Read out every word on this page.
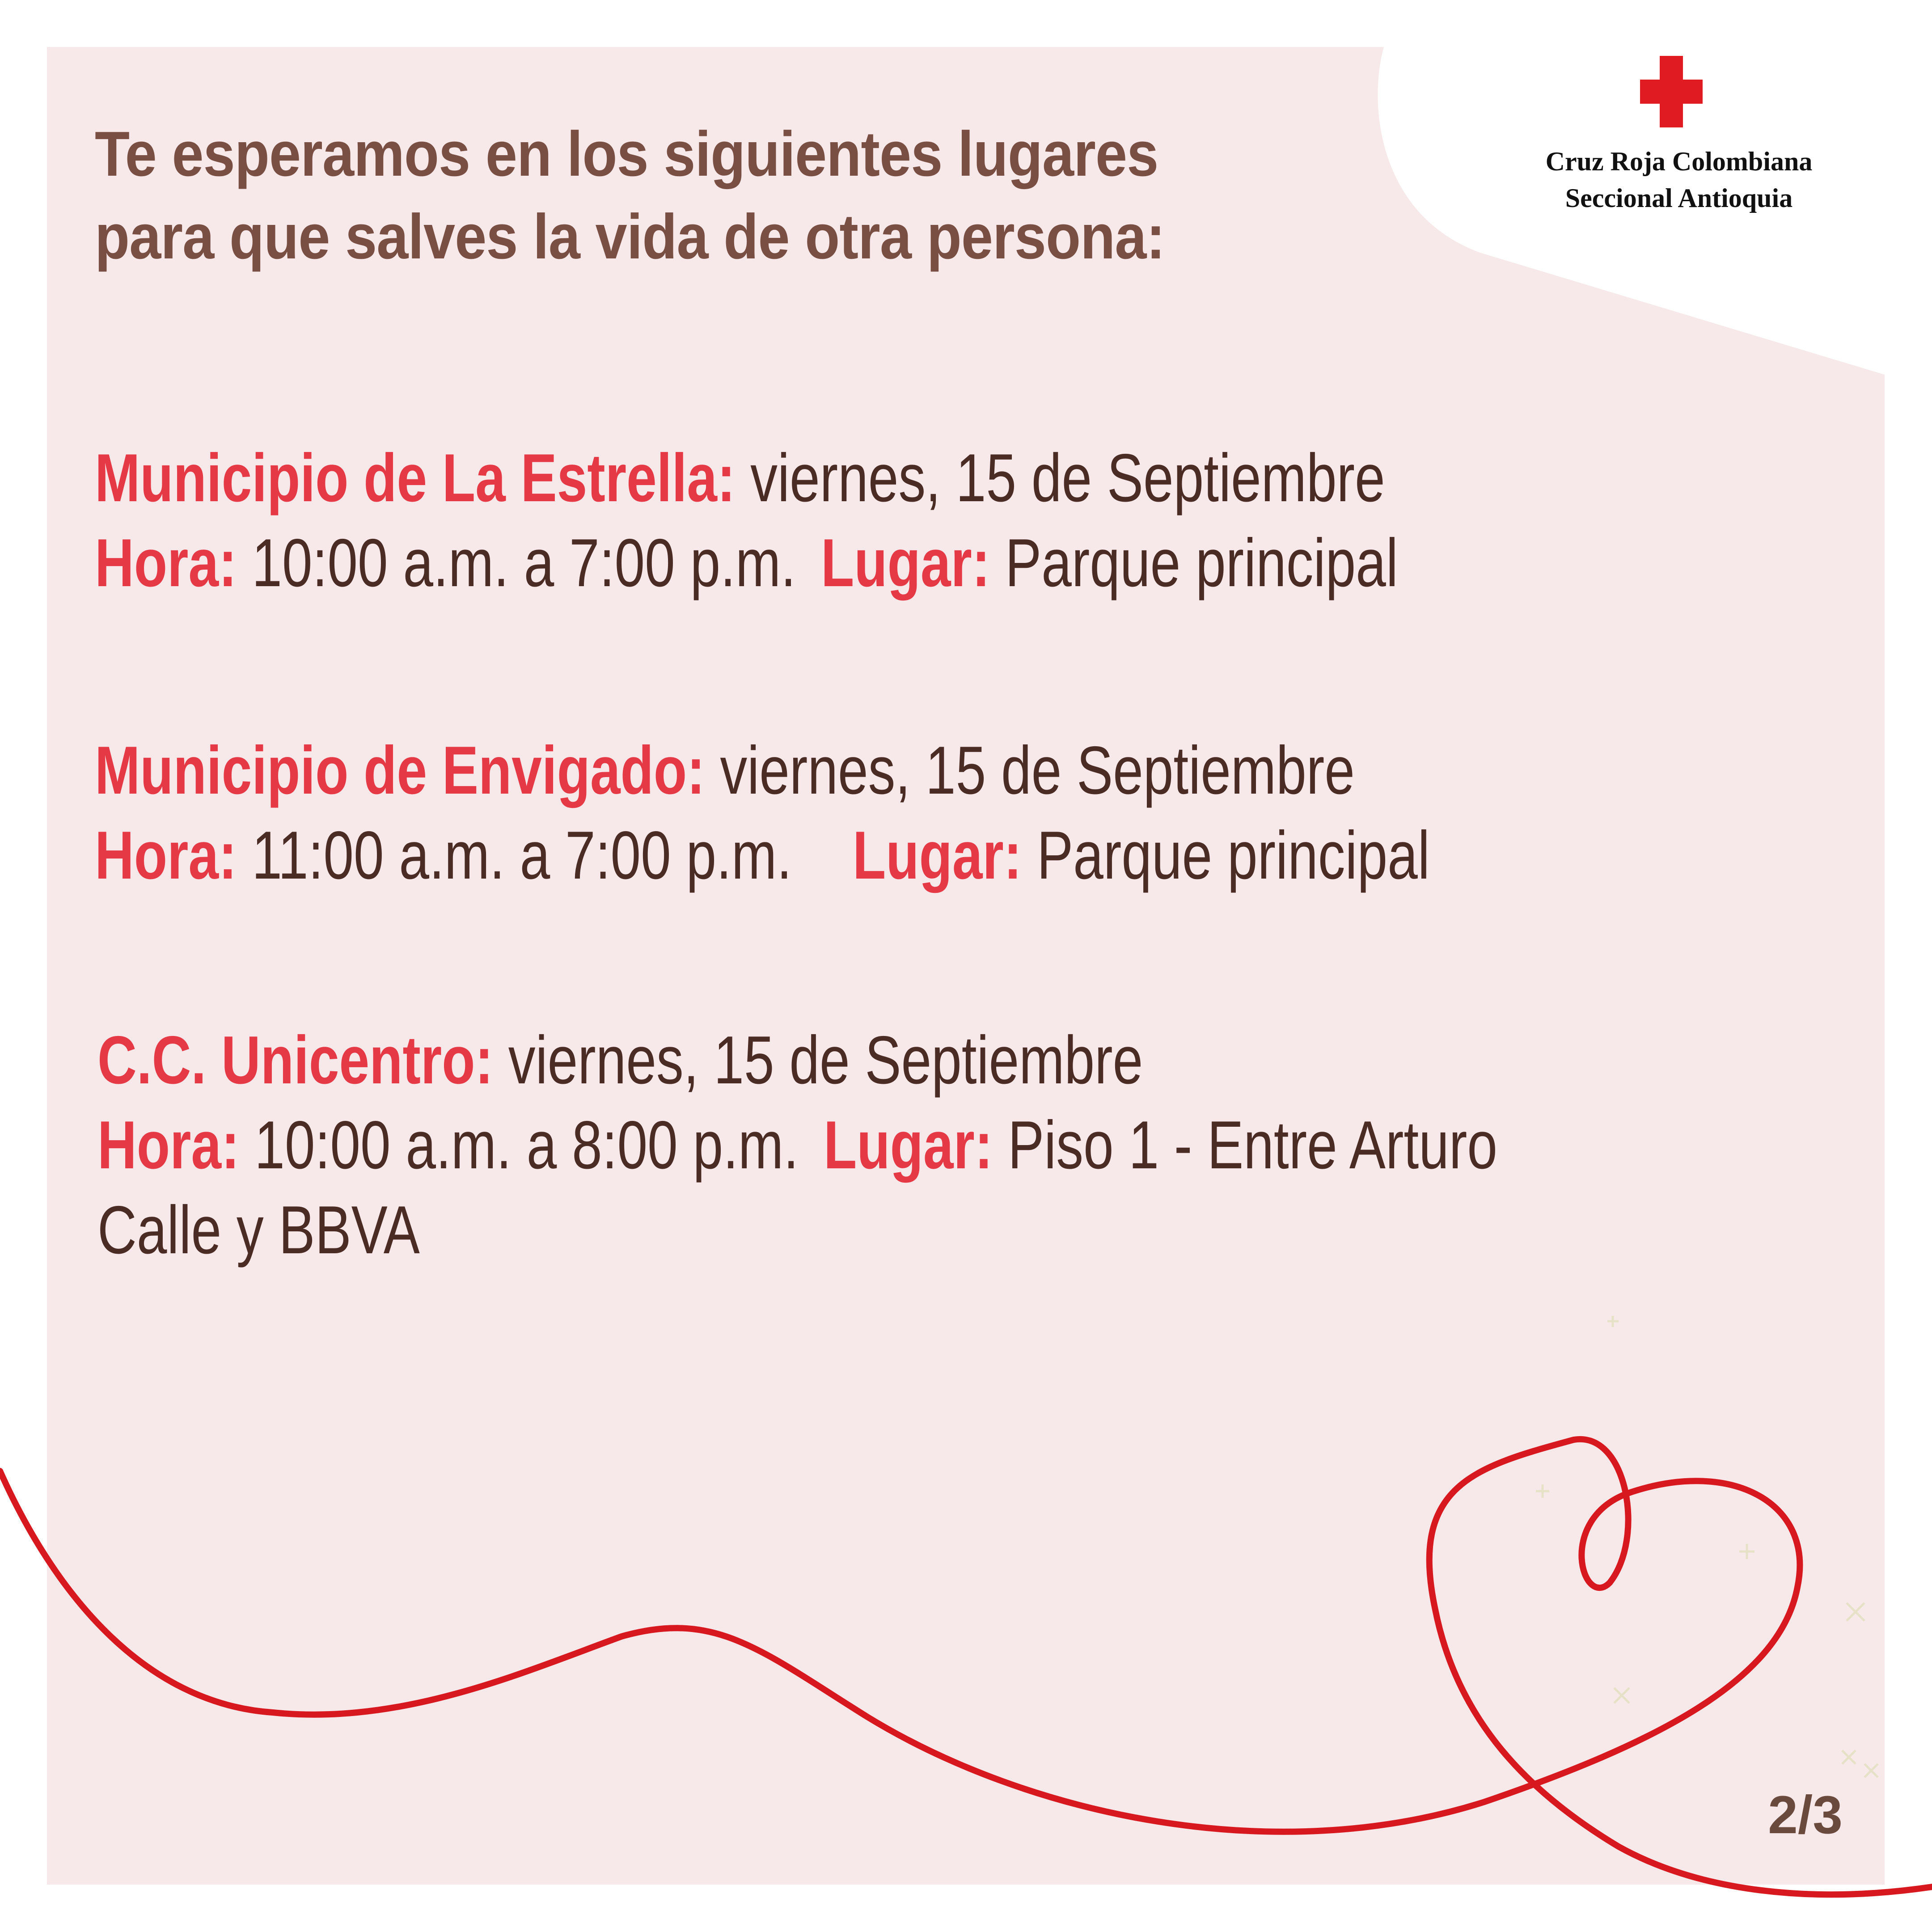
Te esperamos en los siguientes lugares
para que salves la vida de otra persona:
Cruz Roja Colombiana
Seccional Antioquia
Municipio de La Estrella: viernes, 15 de Septiembre
Hora: 10:00 a.m. a 7:00 p.m. Lugar: Parque principal
Municipio de Envigado: viernes, 15 de Septiembre
Hora: 11:00 a.m. a 7:00 p.m. Lugar: Parque principal
C.C. Unicentro: viernes, 15 de Septiembre
Hora: 10:00 a.m. a 8:00 p.m. Lugar: Piso 1 - Entre Arturo
Calle y BBVA
2/3
